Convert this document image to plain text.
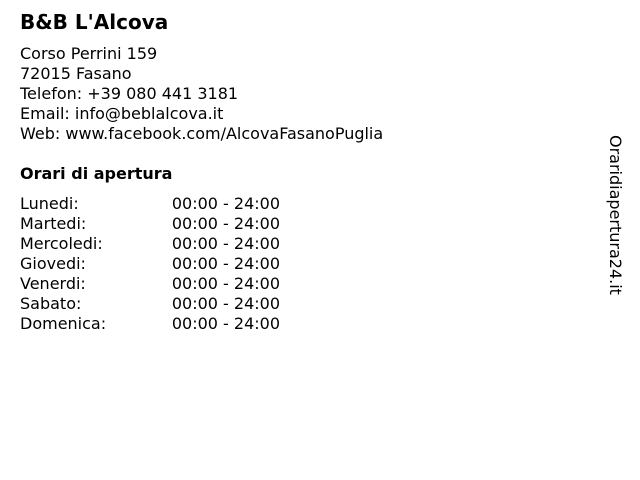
B&B L'Alcova
Corso Perrini 159
72015 Fasano
Telefon: +39 080 441 3181
Email: info@beblalcova.it
Web: www.facebook.com/AlcovaFasanoPuglia
Orari di apertura
Lunedi:	00:00 - 24:00
Martedi:	00:00 - 24:00
Mercoledi:	00:00 - 24:00
Giovedi:	00:00 - 24:00
Venerdi:	00:00 - 24:00
Sabato:	00:00 - 24:00
Domenica:	00:00 - 24:00
Oraridiapertura24.it
